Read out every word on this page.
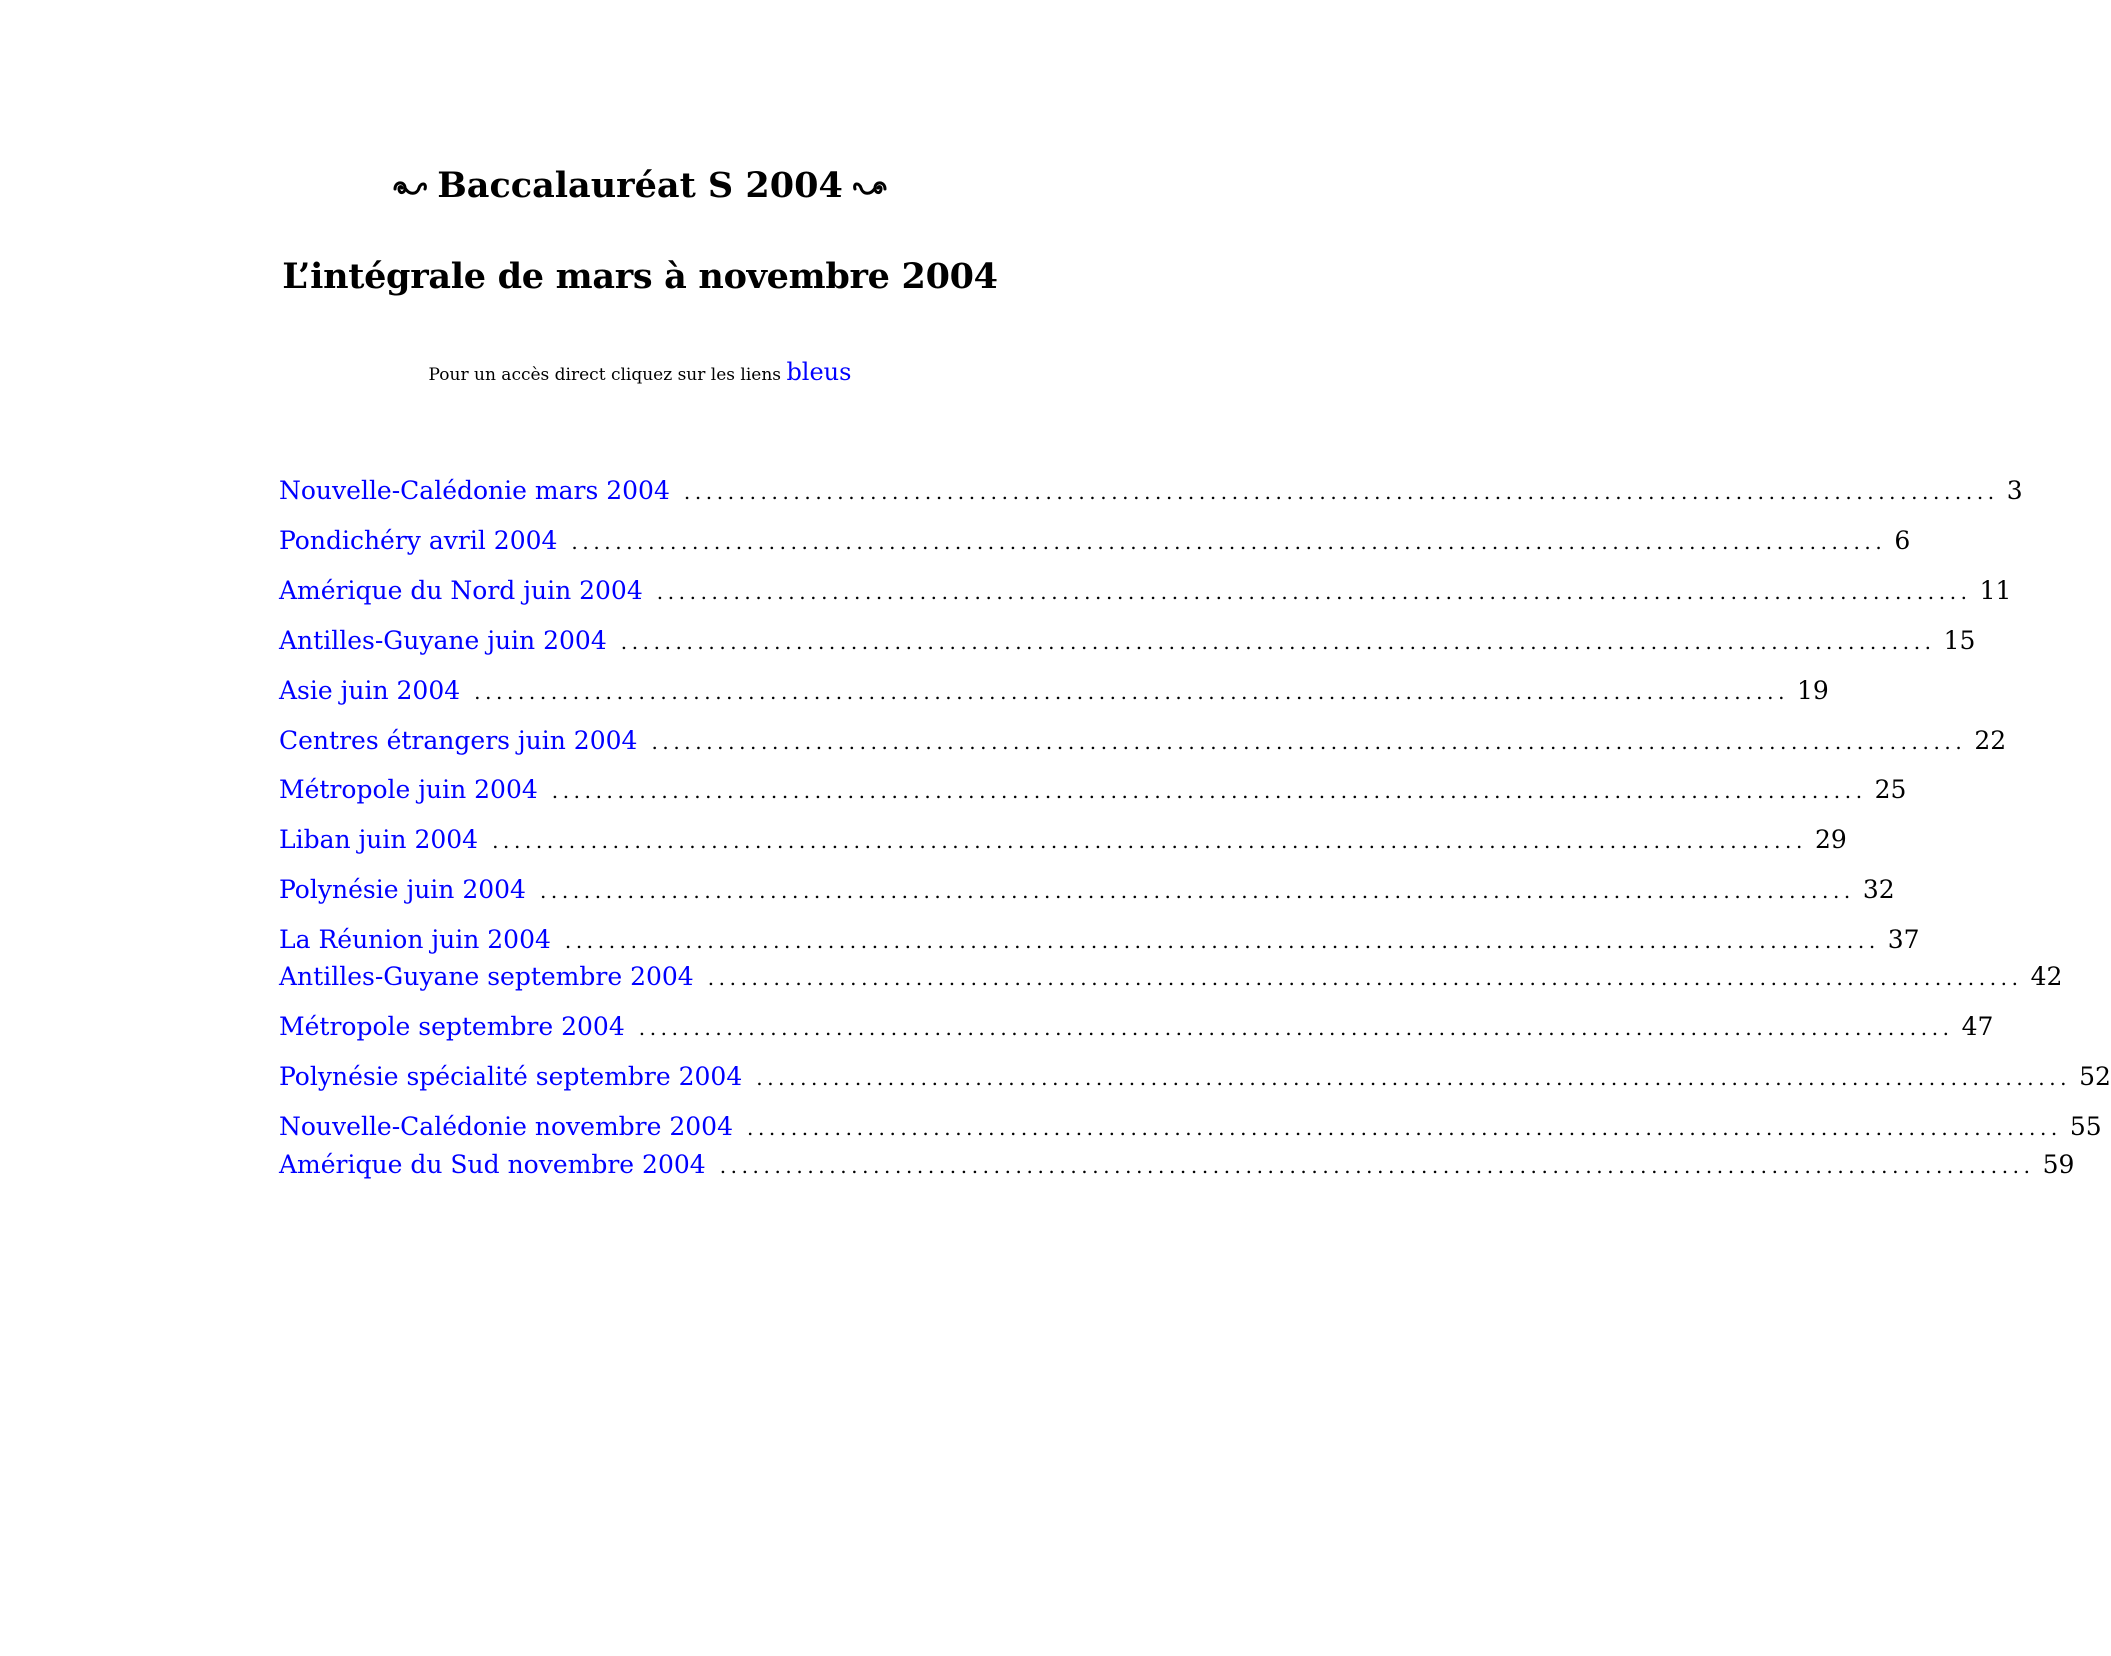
Baccalauréat S 2004
L’intégrale de mars à novembre 2004
Pour un accès direct cliquez sur les liens bleus
Nouvelle-Calédonie mars 2004 ........................................................................................................................ 3
Pondichéry avril 2004 ........................................................................................................................ 6
Amérique du Nord juin 2004 ........................................................................................................................ 11
Antilles-Guyane juin 2004 ........................................................................................................................ 15
Asie juin 2004 ........................................................................................................................ 19
Centres étrangers juin 2004 ........................................................................................................................ 22
Métropole juin 2004 ........................................................................................................................ 25
Liban juin 2004 ........................................................................................................................ 29
Polynésie juin 2004 ........................................................................................................................ 32
La Réunion juin 2004 ........................................................................................................................ 37
Antilles-Guyane septembre 2004 ........................................................................................................................ 42
Métropole septembre 2004 ........................................................................................................................ 47
Polynésie spécialité septembre 2004 ........................................................................................................................ 52
Nouvelle-Calédonie novembre 2004 ........................................................................................................................ 55
Amérique du Sud novembre 2004 ........................................................................................................................ 59
